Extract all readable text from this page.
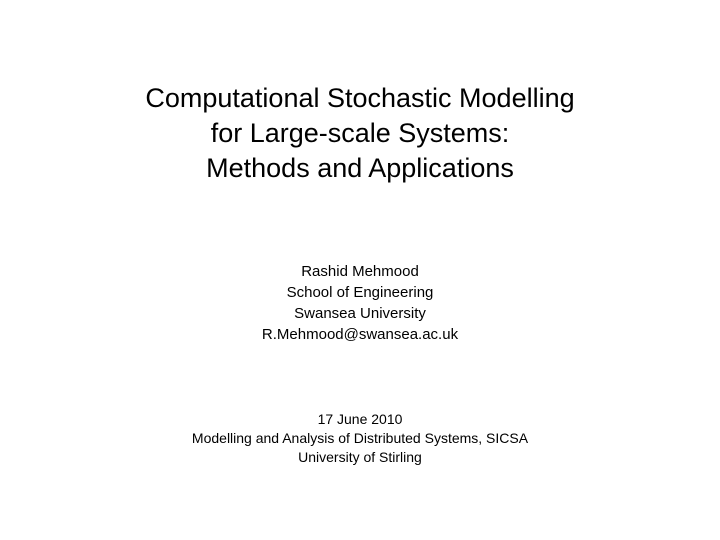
Computational Stochastic Modelling
for Large-scale Systems:
Methods and Applications
Rashid Mehmood
School of Engineering
Swansea University
R.Mehmood@swansea.ac.uk
17 June 2010
Modelling and Analysis of Distributed Systems, SICSA
University of Stirling
